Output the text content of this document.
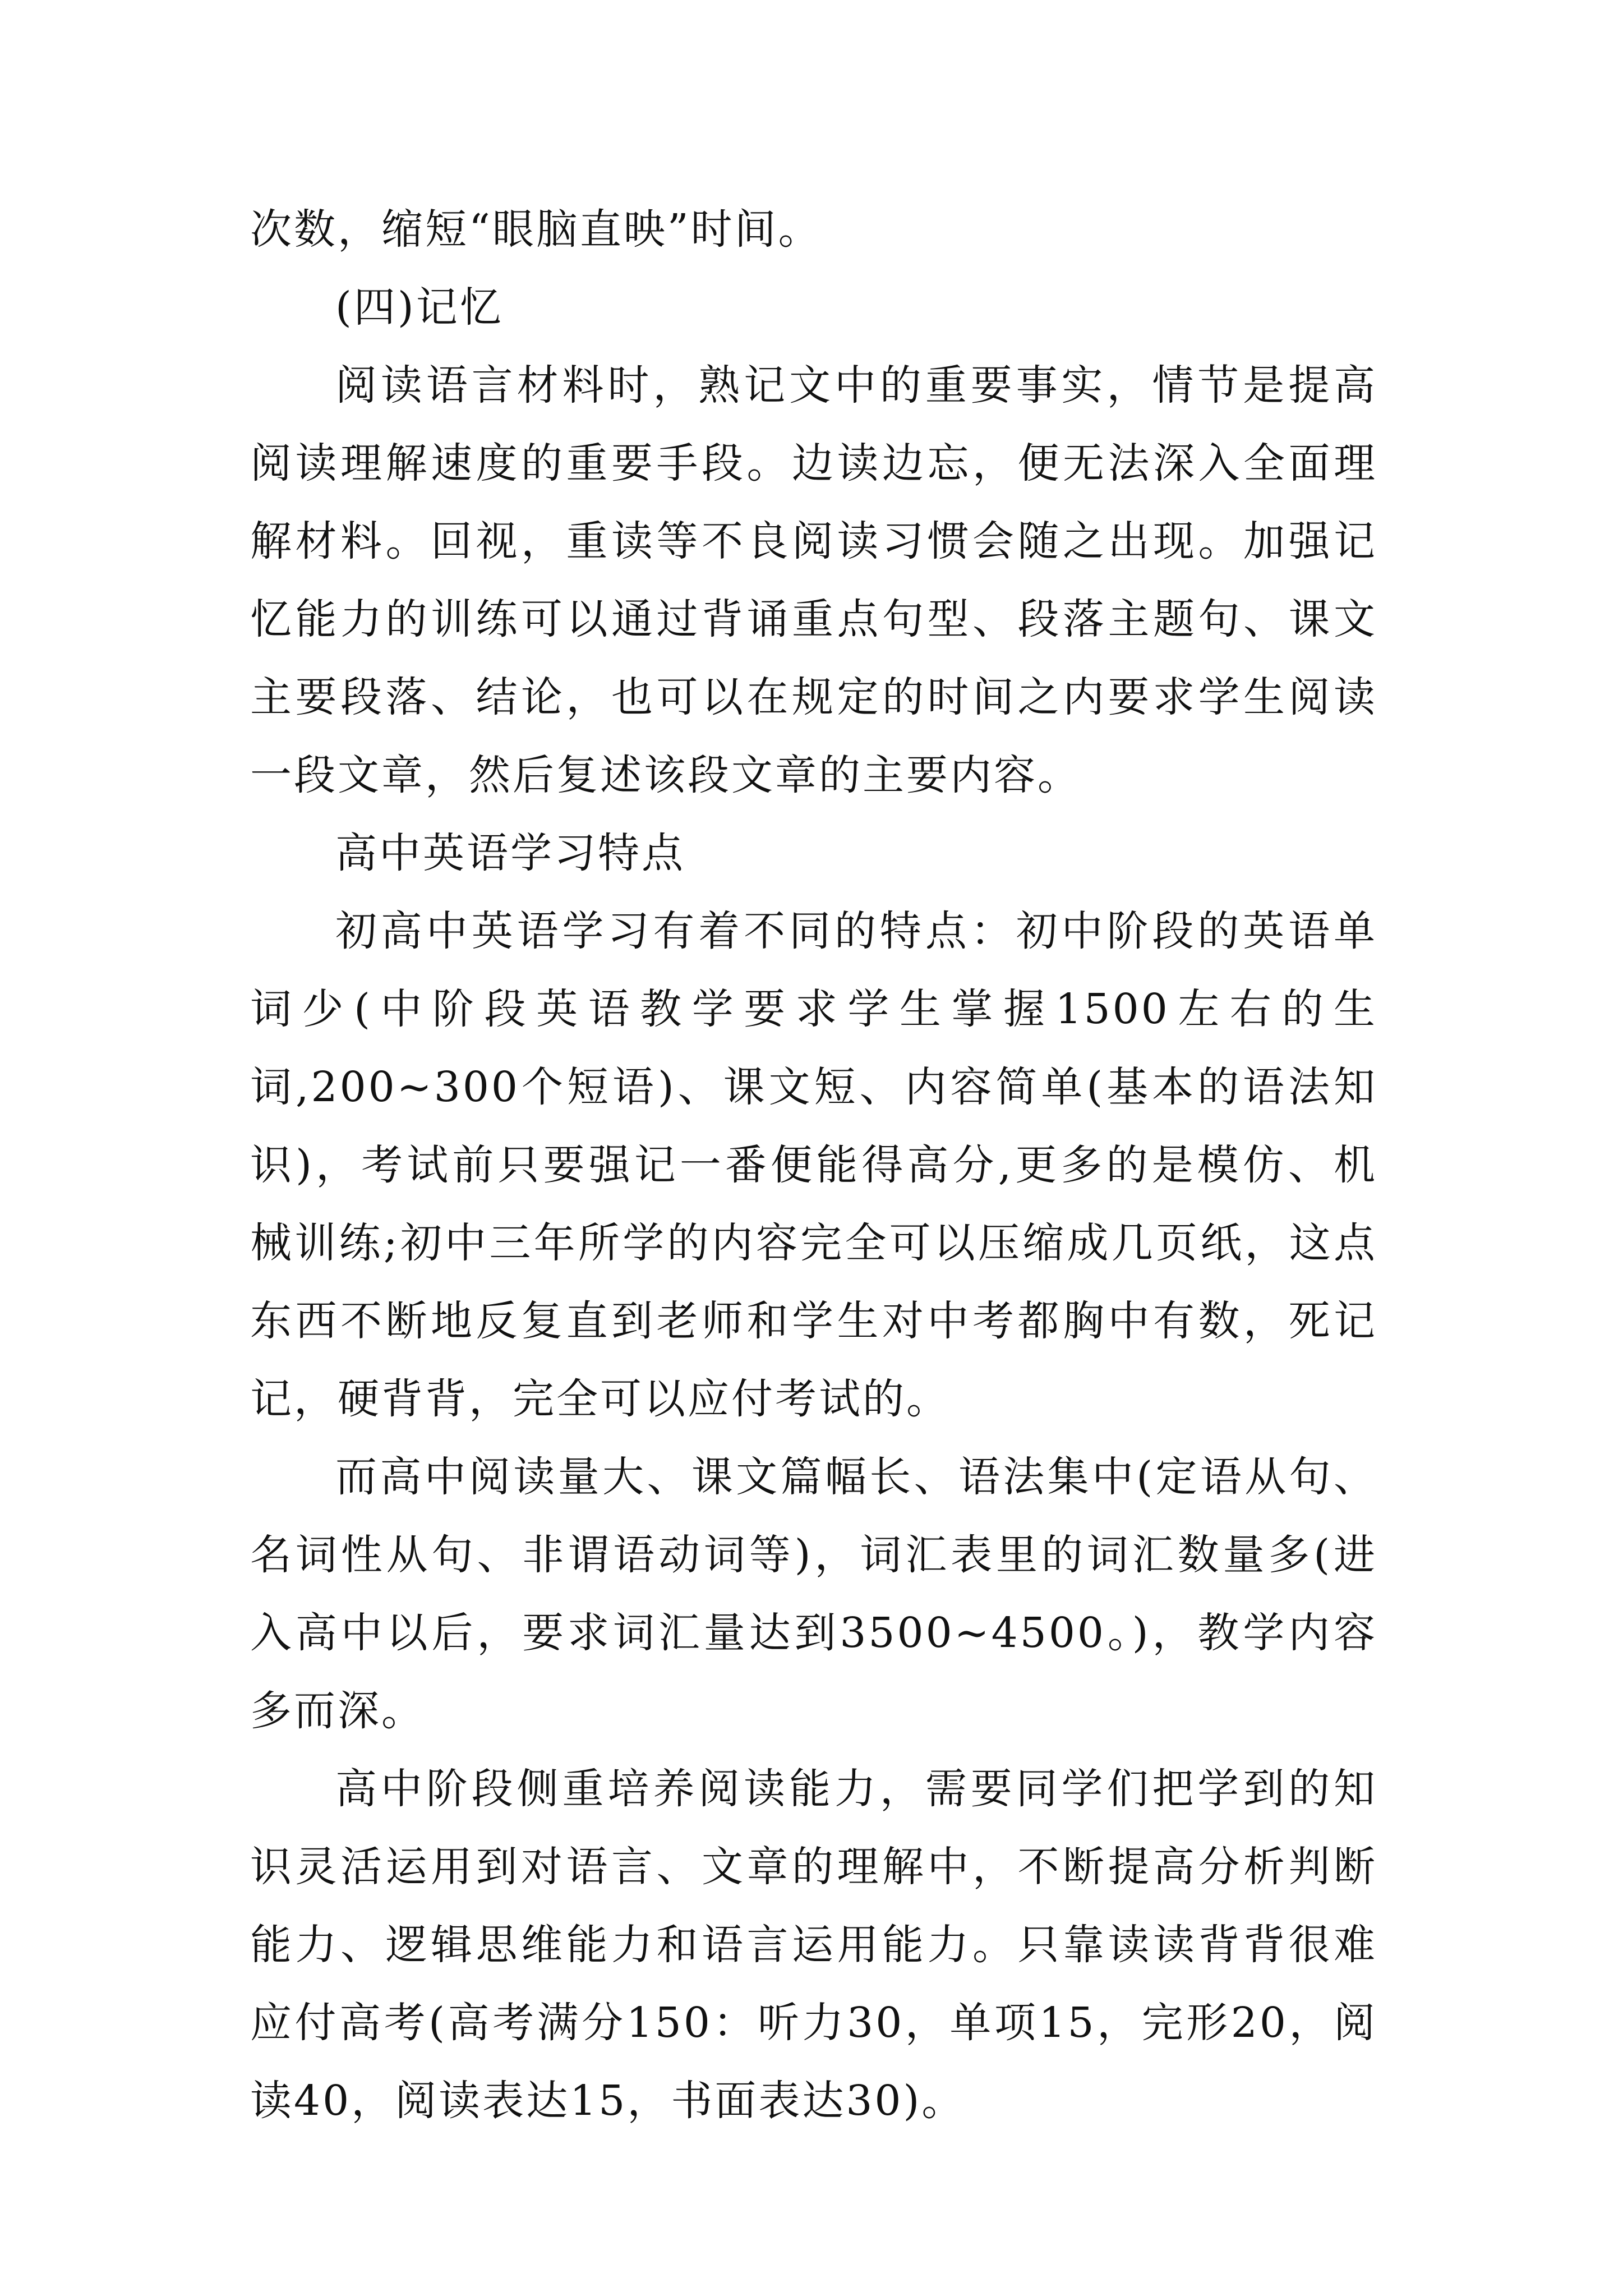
次数，缩短“眼脑直映”时间。

(四)记忆

阅读语言材料时，熟记文中的重要事实，情节是提高阅读理解速度的重要手段。边读边忘，便无法深入全面理解材料。回视，重读等不良阅读习惯会随之出现。加强记忆能力的训练可以通过背诵重点句型、段落主题句、课文主要段落、结论，也可以在规定的时间之内要求学生阅读一段文章，然后复述该段文章的主要内容。

高中英语学习特点

初高中英语学习有着不同的特点：初中阶段的英语单词少(中阶段英语教学要求学生掌握1500左右的生词,200~300个短语)、课文短、内容简单(基本的语法知识)，考试前只要强记一番便能得高分,更多的是模仿、机械训练;初中三年所学的内容完全可以压缩成几页纸，这点东西不断地反复直到老师和学生对中考都胸中有数，死记记，硬背背，完全可以应付考试的。

而高中阅读量大、课文篇幅长、语法集中(定语从句、名词性从句、非谓语动词等)，词汇表里的词汇数量多(进入高中以后，要求词汇量达到3500~4500。)，教学内容多而深。

高中阶段侧重培养阅读能力，需要同学们把学到的知识灵活运用到对语言、文章的理解中，不断提高分析判断能力、逻辑思维能力和语言运用能力。只靠读读背背很难应付高考(高考满分150：听力30，单项15，完形20，阅读40，阅读表达15，书面表达30)。
